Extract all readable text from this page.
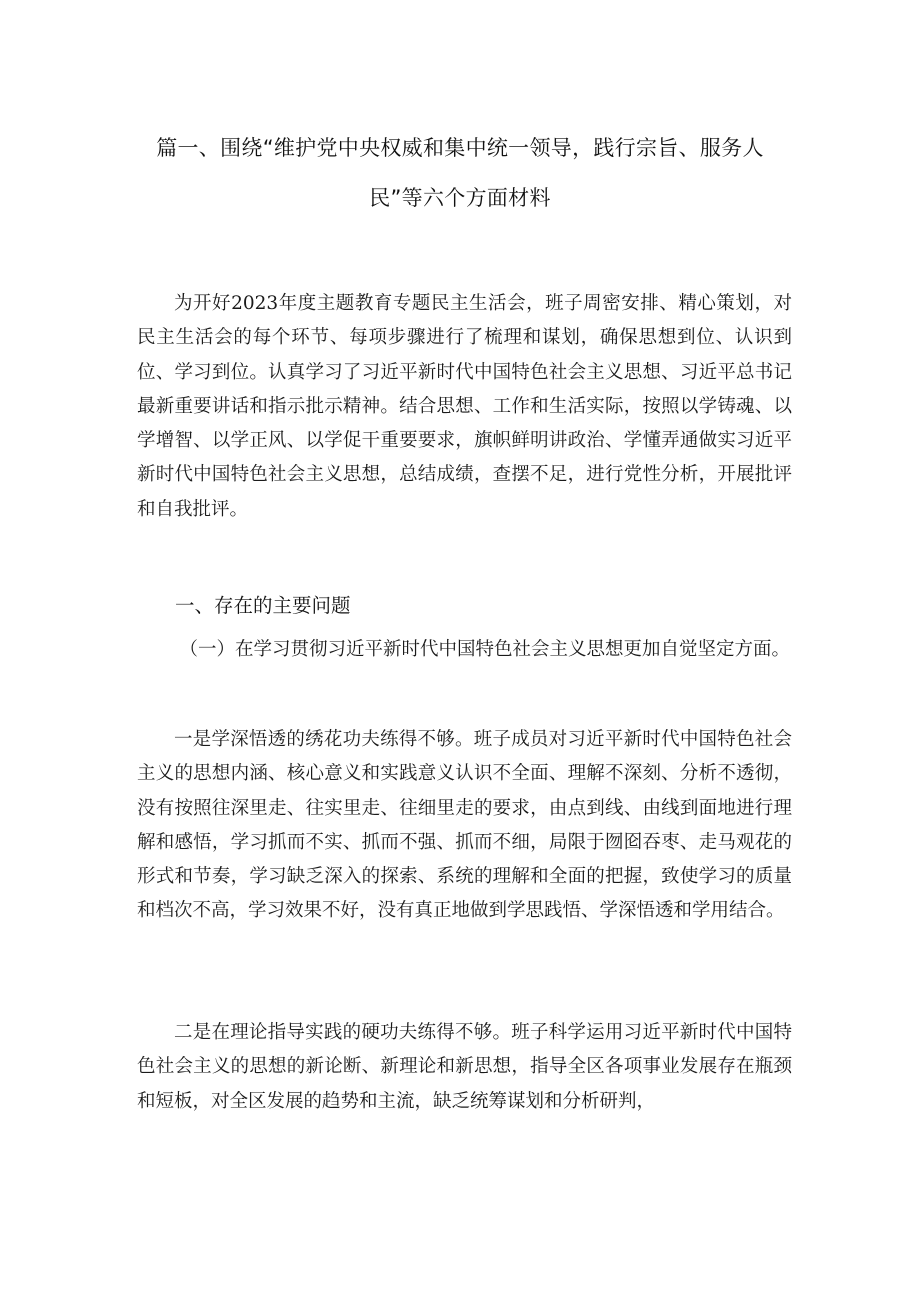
篇一、围绕“维护党中央权威和集中统一领导，践行宗旨、服务人
民”等六个方面材料

为开好2023年度主题教育专题民主生活会，班子周密安排、精心策划，对民主生活会的每个环节、每项步骤进行了梳理和谋划，确保思想到位、认识到位、学习到位。认真学习了习近平新时代中国特色社会主义思想、习近平总书记最新重要讲话和指示批示精神。结合思想、工作和生活实际，按照以学铸魂、以学增智、以学正风、以学促干重要要求，旗帜鲜明讲政治、学懂弄通做实习近平新时代中国特色社会主义思想，总结成绩，查摆不足，进行党性分析，开展批评和自我批评。

一、存在的主要问题

（一）在学习贯彻习近平新时代中国特色社会主义思想更加自觉坚定方面。

一是学深悟透的绣花功夫练得不够。班子成员对习近平新时代中国特色社会主义的思想内涵、核心意义和实践意义认识不全面、理解不深刻、分析不透彻，没有按照往深里走、往实里走、往细里走的要求，由点到线、由线到面地进行理解和感悟，学习抓而不实、抓而不强、抓而不细，局限于囫囵吞枣、走马观花的形式和节奏，学习缺乏深入的探索、系统的理解和全面的把握，致使学习的质量和档次不高，学习效果不好，没有真正地做到学思践悟、学深悟透和学用结合。

二是在理论指导实践的硬功夫练得不够。班子科学运用习近平新时代中国特色社会主义的思想的新论断、新理论和新思想，指导全区各项事业发展存在瓶颈和短板，对全区发展的趋势和主流，缺乏统筹谋划和分析研判，
